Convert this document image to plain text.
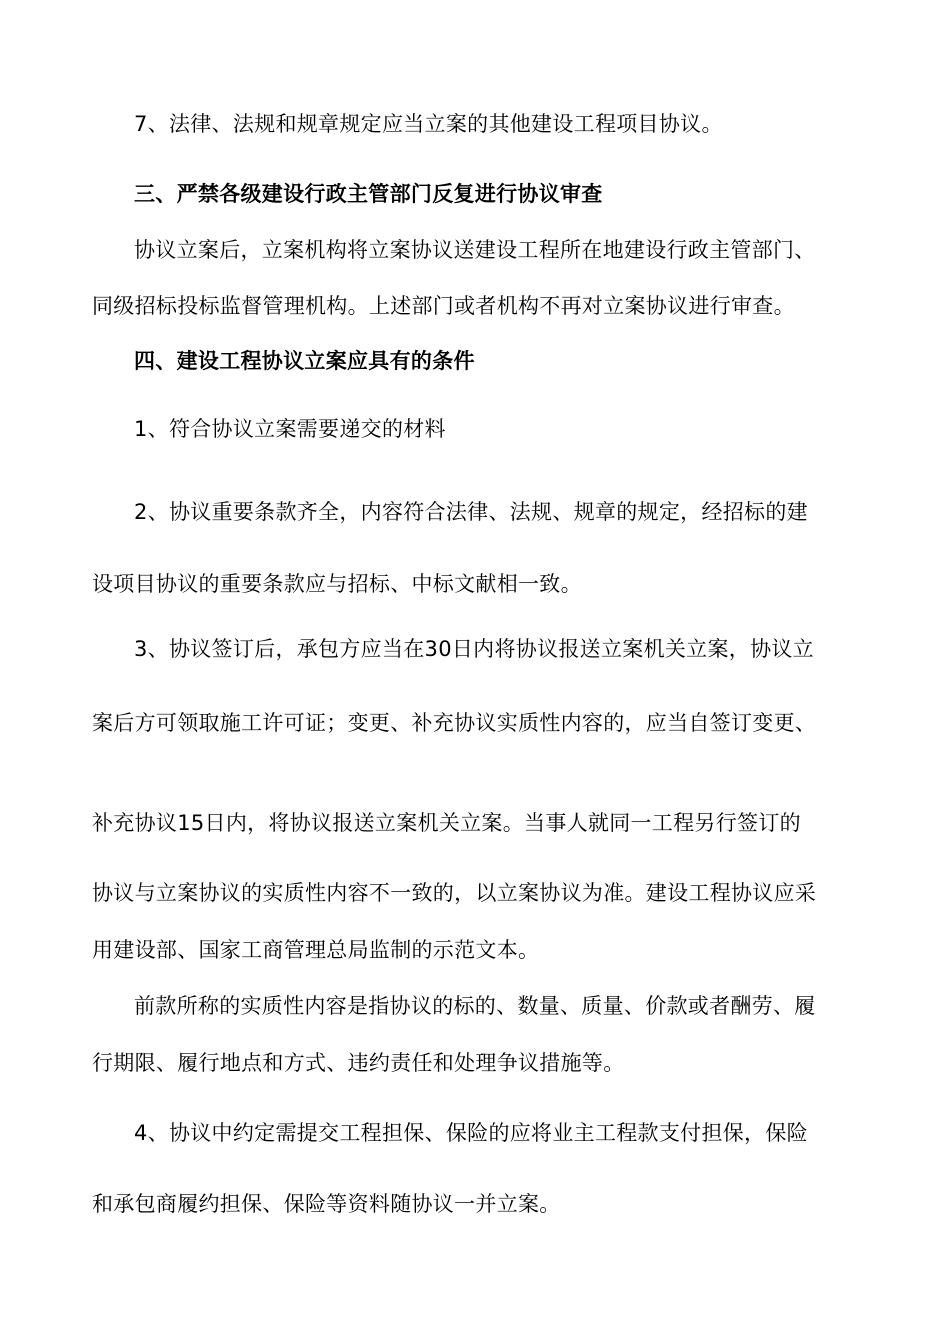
7、法律、法规和规章规定应当立案的其他建设工程项目协议。
三、严禁各级建设行政主管部门反复进行协议审查
协议立案后，立案机构将立案协议送建设工程所在地建设行政主管部门、
同级招标投标监督管理机构。上述部门或者机构不再对立案协议进行审查。
四、建设工程协议立案应具有的条件
1、符合协议立案需要递交的材料
2、协议重要条款齐全，内容符合法律、法规、规章的规定，经招标的建
设项目协议的重要条款应与招标、中标文献相一致。
3、协议签订后，承包方应当在30日内将协议报送立案机关立案，协议立
案后方可领取施工许可证；变更、补充协议实质性内容的，应当自签订变更、
补充协议15日内，将协议报送立案机关立案。当事人就同一工程另行签订的
协议与立案协议的实质性内容不一致的，以立案协议为准。建设工程协议应采
用建设部、国家工商管理总局监制的示范文本。
前款所称的实质性内容是指协议的标的、数量、质量、价款或者酬劳、履
行期限、履行地点和方式、违约责任和处理争议措施等。
4、协议中约定需提交工程担保、保险的应将业主工程款支付担保，保险
和承包商履约担保、保险等资料随协议一并立案。
